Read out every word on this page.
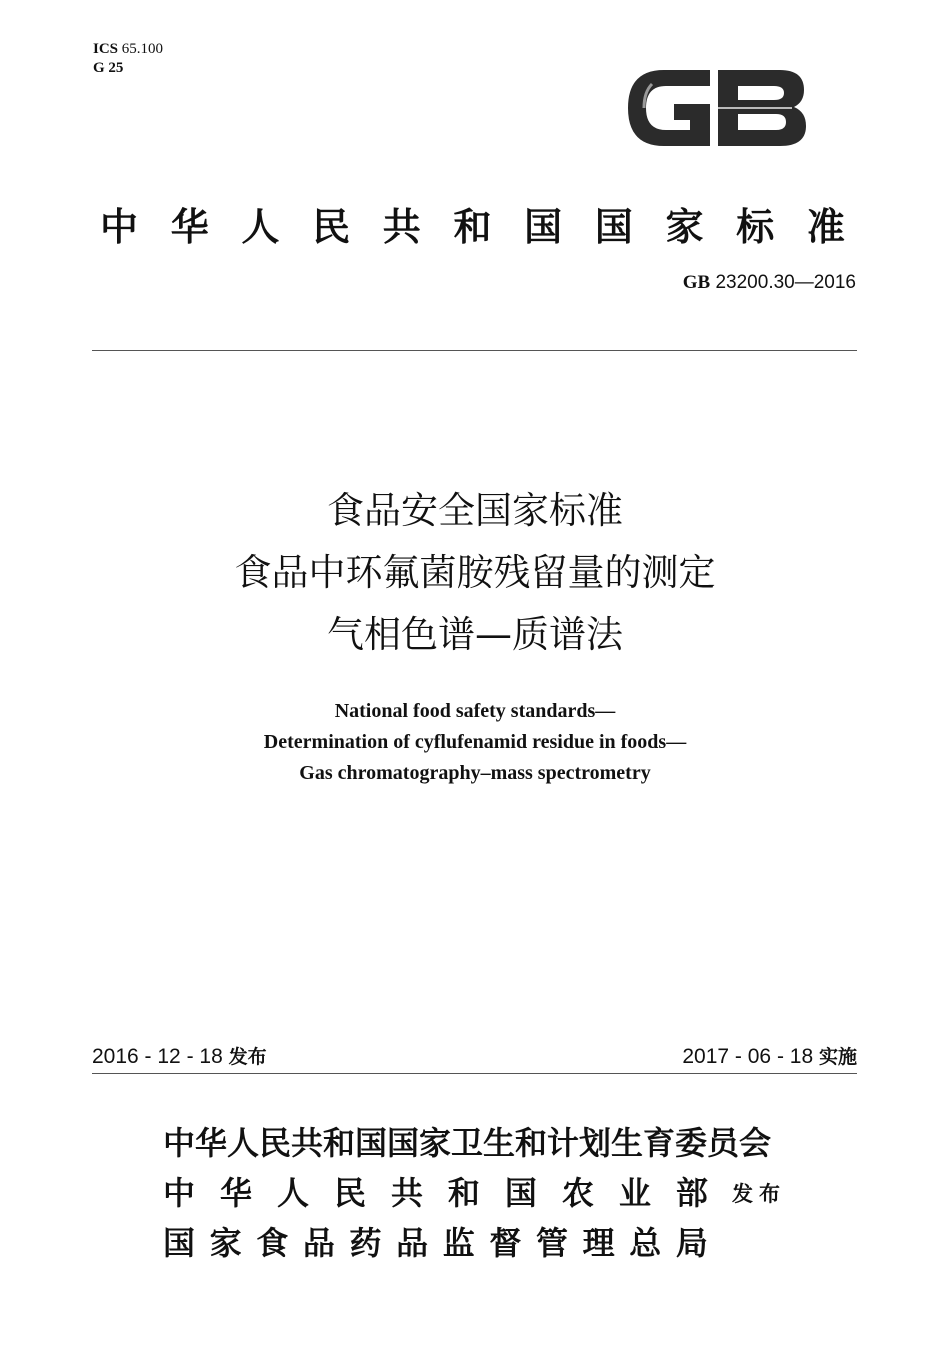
ICS 65.100
G 25	GB
中 华 人 民 共 和 国 国 家 标 准
GB 23200.30—2016
食品安全国家标准
食品中环氟菌胺残留量的测定
气相色谱—质谱法
National food safety standards—
Determination of cyflufenamid residue in foods—
Gas chromatography–mass spectrometry
2016 - 12 - 18 发布	2017 - 06 - 18 实施
中华人民共和国国家卫生和计划生育委员会
中 华 人 民 共 和 国 农 业 部
国 家 食 品 药 品 监 督 管 理 总 局
发布
